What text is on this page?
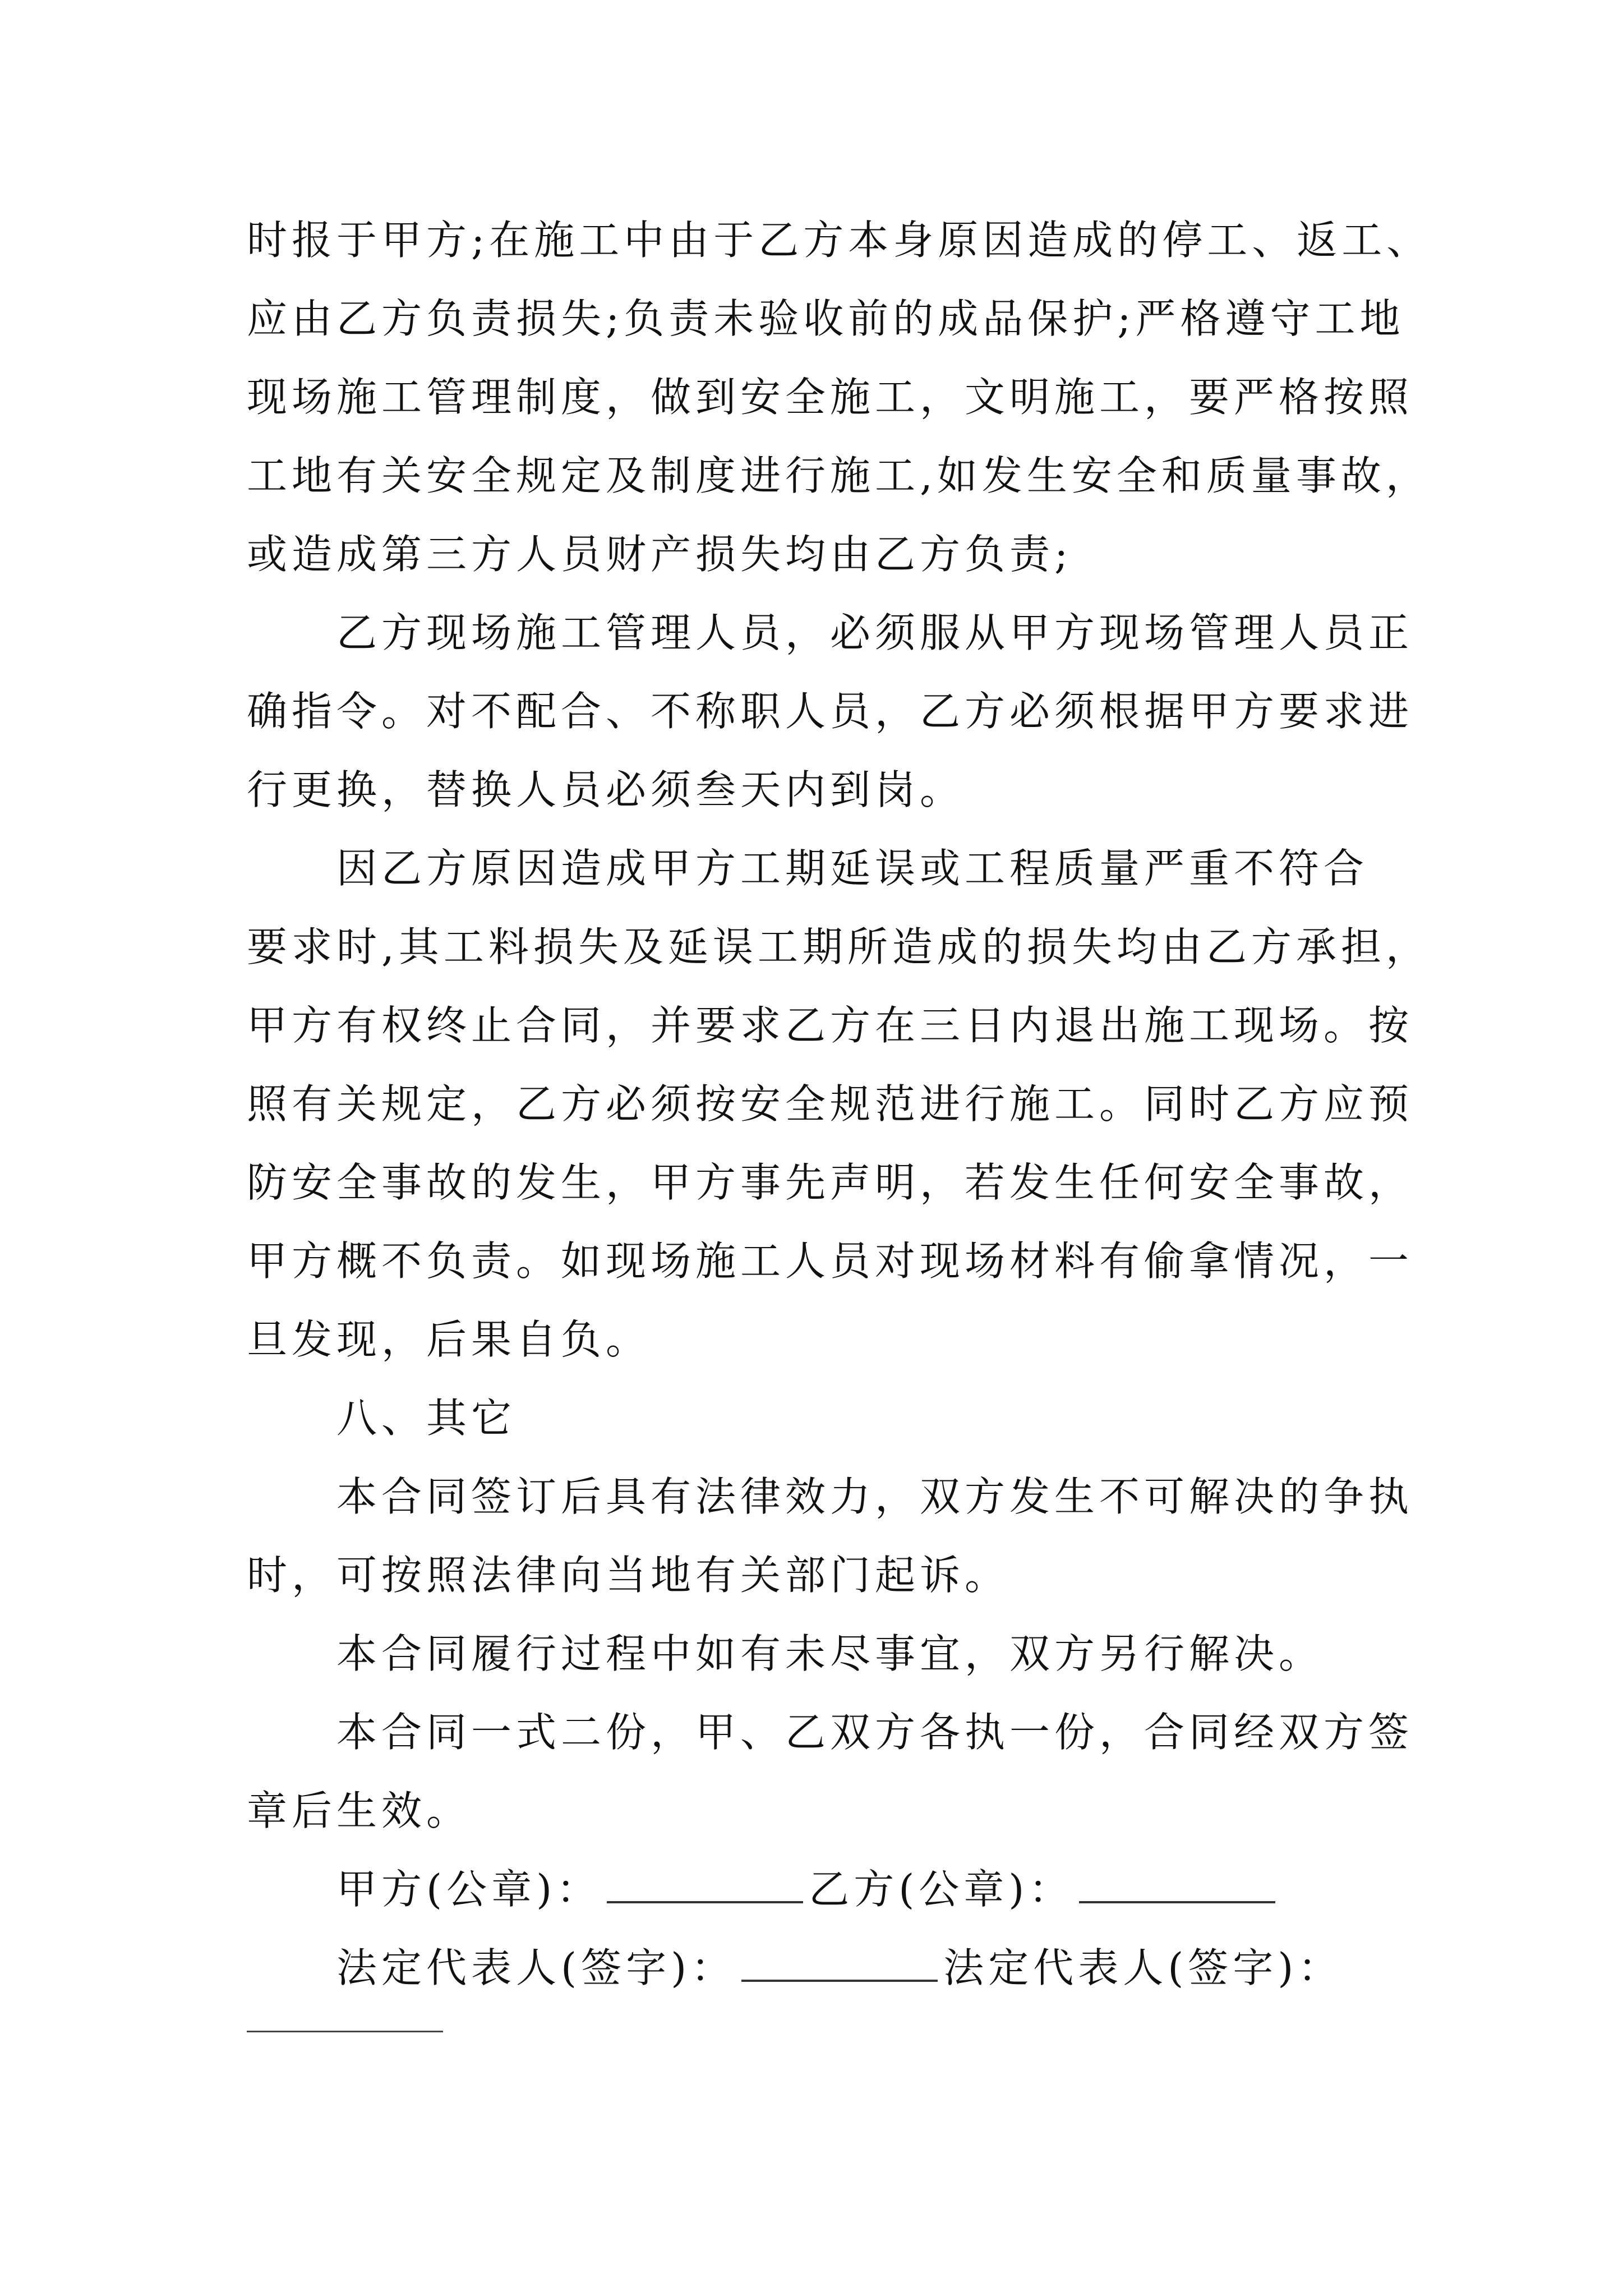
时报于甲方;在施工中由于乙方本身原因造成的停工、返工、
应由乙方负责损失;负责未验收前的成品保护;严格遵守工地
现场施工管理制度，做到安全施工，文明施工，要严格按照
工地有关安全规定及制度进行施工,如发生安全和质量事故，
或造成第三方人员财产损失均由乙方负责;
乙方现场施工管理人员，必须服从甲方现场管理人员正
确指令。对不配合、不称职人员，乙方必须根据甲方要求进
行更换，替换人员必须叁天内到岗。
因乙方原因造成甲方工期延误或工程质量严重不符合
要求时,其工料损失及延误工期所造成的损失均由乙方承担，
甲方有权终止合同，并要求乙方在三日内退出施工现场。按
照有关规定，乙方必须按安全规范进行施工。同时乙方应预
防安全事故的发生，甲方事先声明，若发生任何安全事故，
甲方概不负责。如现场施工人员对现场材料有偷拿情况，一
旦发现，后果自负。
八、其它
本合同签订后具有法律效力，双方发生不可解决的争执
时，可按照法律向当地有关部门起诉。
本合同履行过程中如有未尽事宜，双方另行解决。
本合同一式二份，甲、乙双方各执一份，合同经双方签
章后生效。
甲方(公章)：	乙方(公章)：
法定代表人(签字)：	法定代表人(签字)：
